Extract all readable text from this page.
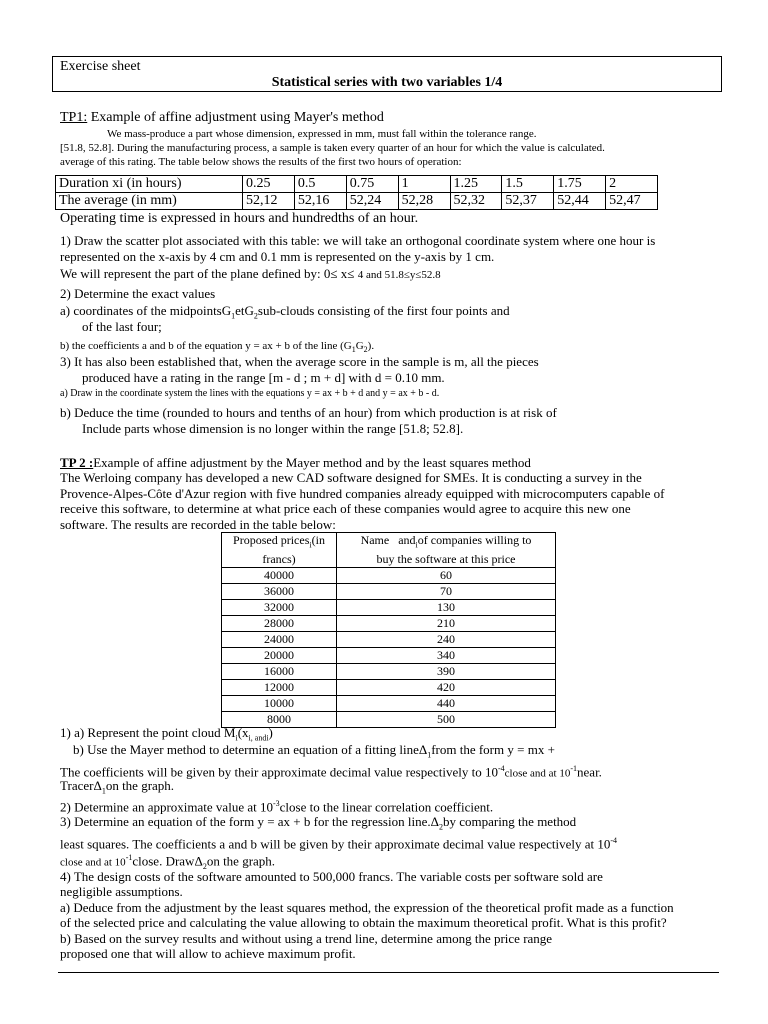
Exercise sheet
Statistical series with two variables 1/4
TP1: Example of affine adjustment using Mayer's method
We mass-produce a part whose dimension, expressed in mm, must fall within the tolerance range.
[51.8, 52.8]. During the manufacturing process, a sample is taken every quarter of an hour for which the value is calculated.
average of this rating. The table below shows the results of the first two hours of operation:
Duration xi (in hours)	0.25	0.5	0.75	1	1.25	1.5	1.75	2
The average (in mm)	52,12	52,16	52,24	52,28	52,32	52,37	52,44	52,47
Operating time is expressed in hours and hundredths of an hour.
1) Draw the scatter plot associated with this table: we will take an orthogonal coordinate system where one hour is
represented on the x-axis by 4 cm and 0.1 mm is represented on the y-axis by 1 cm.
We will represent the part of the plane defined by: 0≤ x≤ 4 and 51.8≤y≤52.8
2) Determine the exact values
a) coordinates of the midpointsG$_1$etG$_2$sub-clouds consisting of the first four points and
of the last four;
b) the coefficients a and b of the equation y = ax + b of the line $(G_1G_2)$.
3) It has also been established that, when the average score in the sample is m, all the pieces
produced have a rating in the range [m - d ; m + d] with d = 0.10 mm.
a) Draw in the coordinate system the lines with the equations y = ax + b + d and y = ax + b - d.
b) Deduce the time (rounded to hours and tenths of an hour) from which production is at risk of
Include parts whose dimension is no longer within the range [51.8; 52.8].
TP 2 :Example of affine adjustment by the Mayer method and by the least squares method
The Werloing company has developed a new CAD software designed for SMEs. It is conducting a survey in the
Provence-Alpes-Côte d'Azur region with five hundred companies already equipped with microcomputers capable of
receive this software, to determine at what price each of these companies would agree to acquire this new one
software. The results are recorded in the table below:
Proposed prices$_i$(in
francs)	Name and$_i$of companies willing to
buy the software at this price
40000	60
36000	70
32000	130
28000	210
24000	240
20000	340
16000	390
12000	420
10000	440
8000	500
1) a) Represent the point cloud $M_i(x_{i, andi})$
b) Use the Mayer method to determine an equation of a fitting lineΔ$_1$from the form y = mx +
The coefficients will be given by their approximate decimal value respectively to $10^{-4}close$ and at $10^{-1}near$.
TracerΔ$_1$on the graph.
2) Determine an approximate value at $10^{-3}close$ to the linear correlation coefficient.
3) Determine an equation of the form y = ax + b for the regression $line.\Delta_2by$ comparing the method
least squares. The coefficients a and b will be given by their approximate decimal value respectively at $10^{-4}$
close and at $10^{-1}close$. DrawΔ$_2$on the graph.
4) The design costs of the software amounted to 500,000 francs. The variable costs per software sold are
negligible assumptions.
a) Deduce from the adjustment by the least squares method, the expression of the theoretical profit made as a function
of the selected price and calculating the value allowing to obtain the maximum theoretical profit. What is this profit?
b) Based on the survey results and without using a trend line, determine among the price range
proposed one that will allow to achieve maximum profit.
